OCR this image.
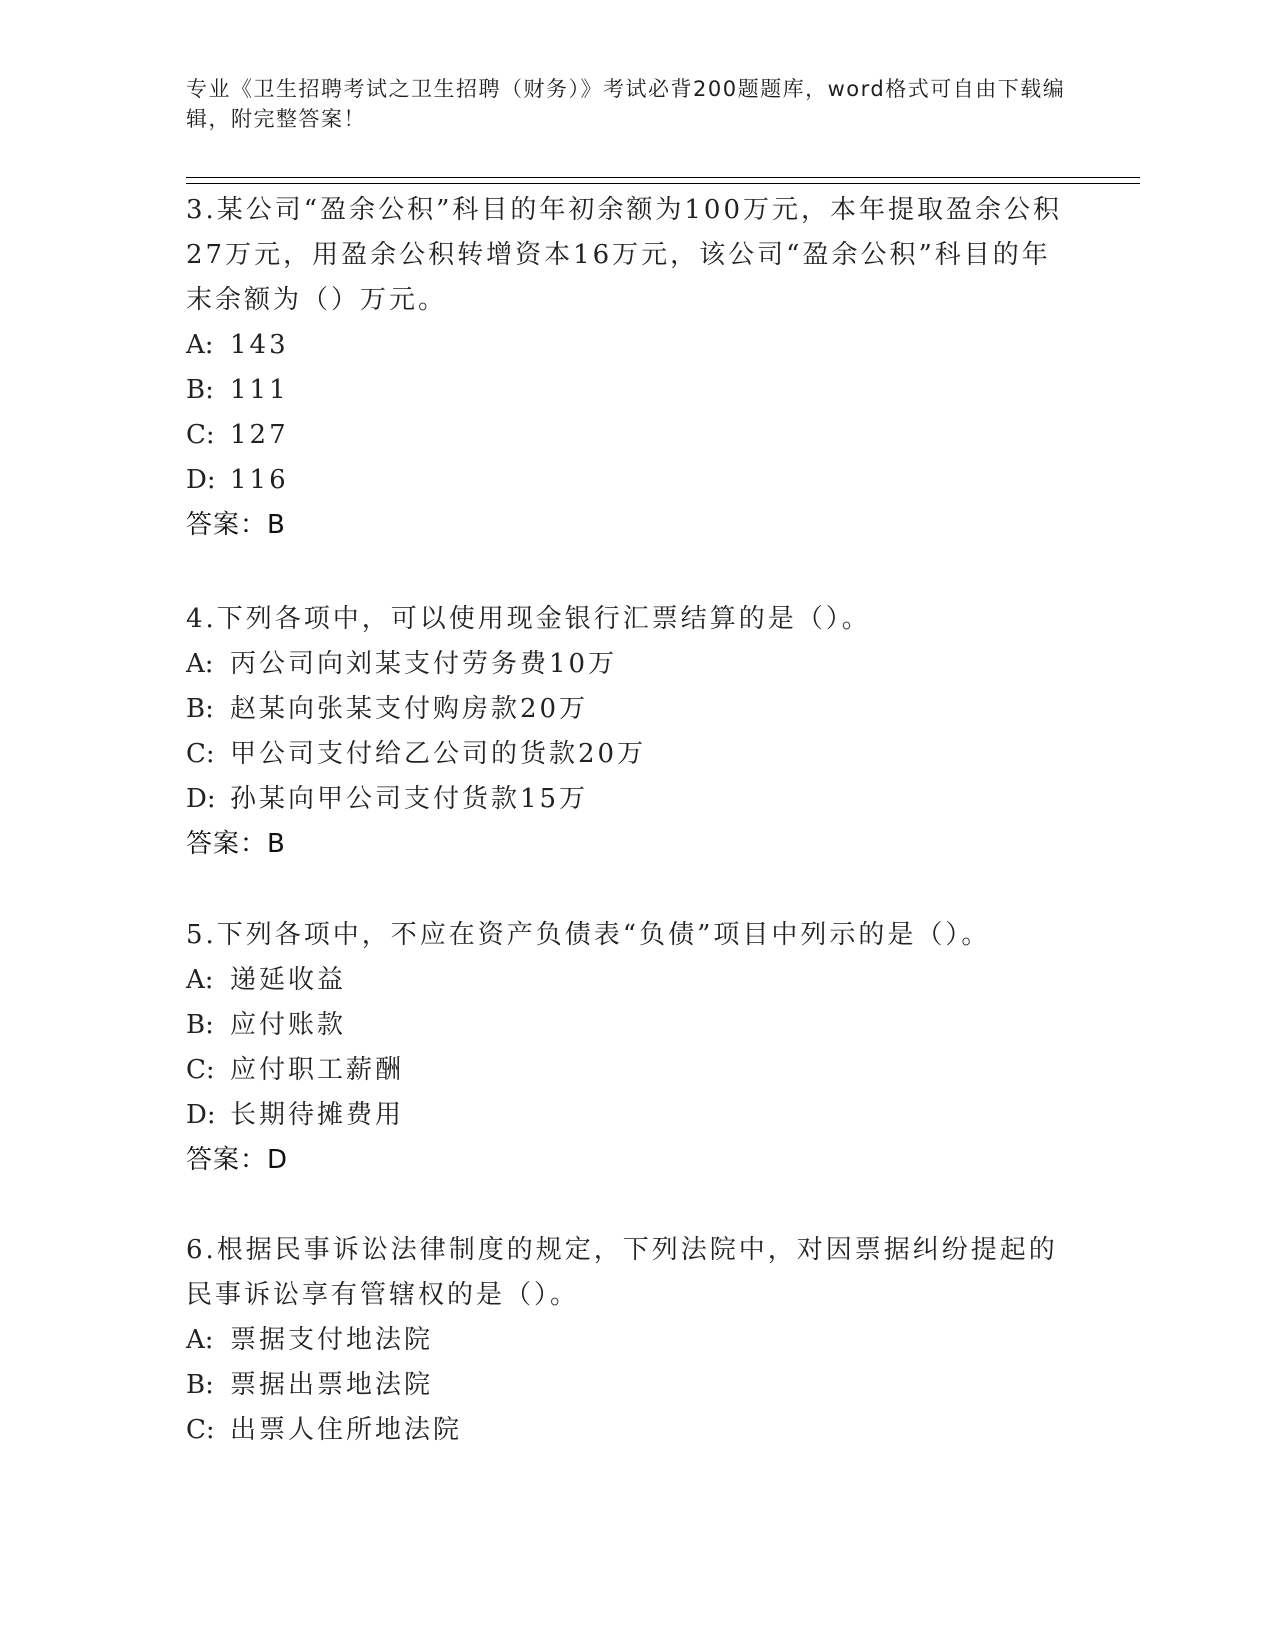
专业《卫生招聘考试之卫生招聘（财务）》考试必背200题题库，word格式可自由下载编辑，附完整答案！

3.某公司“盈余公积”科目的年初余额为100万元，本年提取盈余公积27万元，用盈余公积转增资本16万元，该公司“盈余公积”科目的年末余额为（）万元。

A: 143

B: 111

C: 127

D: 116

答案：B

4.下列各项中，可以使用现金银行汇票结算的是（）。

A: 丙公司向刘某支付劳务费10万

B: 赵某向张某支付购房款20万

C: 甲公司支付给乙公司的货款20万

D: 孙某向甲公司支付货款15万

答案：B

5.下列各项中，不应在资产负债表“负债”项目中列示的是（）。

A: 递延收益

B: 应付账款

C: 应付职工薪酬

D: 长期待摊费用

答案：D

6.根据民事诉讼法律制度的规定，下列法院中，对因票据纠纷提起的民事诉讼享有管辖权的是（）。

A: 票据支付地法院

B: 票据出票地法院

C: 出票人住所地法院
